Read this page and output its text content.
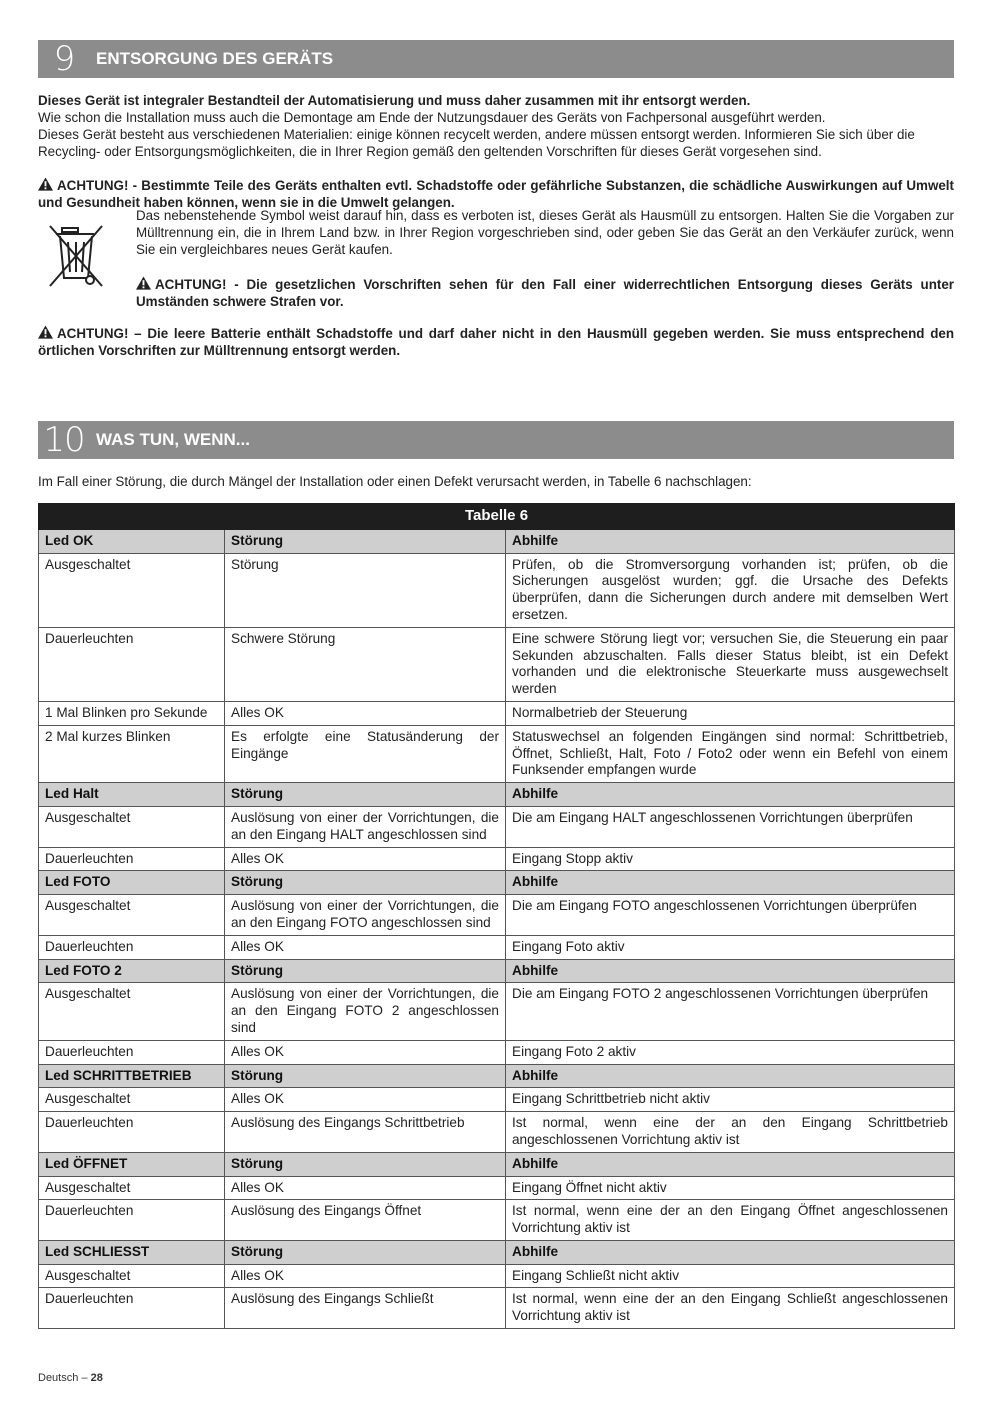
9	ENTSORGUNG DES GERÄTS
Dieses Gerät ist integraler Bestandteil der Automatisierung und muss daher zusammen mit ihr entsorgt werden.
Wie schon die Installation muss auch die Demontage am Ende der Nutzungsdauer des Geräts von Fachpersonal ausgeführt werden.
Dieses Gerät besteht aus verschiedenen Materialien: einige können recycelt werden, andere müssen entsorgt werden. Informieren Sie sich über die Recycling- oder Entsorgungsmöglichkeiten, die in Ihrer Region gemäß den geltenden Vorschriften für dieses Gerät vorgesehen sind.
ACHTUNG! - Bestimmte Teile des Geräts enthalten evtl. Schadstoffe oder gefährliche Substanzen, die schädliche Auswirkungen auf Umwelt und Gesundheit haben können, wenn sie in die Umwelt gelangen.
Das nebenstehende Symbol weist darauf hin, dass es verboten ist, dieses Gerät als Hausmüll zu entsorgen. Halten Sie die Vorgaben zur Mülltrennung ein, die in Ihrem Land bzw. in Ihrer Region vorgeschrieben sind, oder geben Sie das Gerät an den Verkäufer zurück, wenn Sie ein vergleichbares neues Gerät kaufen.
ACHTUNG! - Die gesetzlichen Vorschriften sehen für den Fall einer widerrechtlichen Entsorgung dieses Geräts unter Umständen schwere Strafen vor.
ACHTUNG! – Die leere Batterie enthält Schadstoffe und darf daher nicht in den Hausmüll gegeben werden. Sie muss entsprechend den örtlichen Vorschriften zur Mülltrennung entsorgt werden.
10 WAS TUN, WENN...
Im Fall einer Störung, die durch Mängel der Installation oder einen Defekt verursacht werden, in Tabelle 6 nachschlagen:
Tabelle 6		
Led OK	Störung	Abhilfe
Ausgeschaltet	Störung	Prüfen, ob die Stromversorgung vorhanden ist; prüfen, ob die Sicherungen ausgelöst wurden; ggf. die Ursache des Defekts überprüfen, dann die Sicherungen durch andere mit demselben Wert ersetzen.
Dauerleuchten	Schwere Störung	Eine schwere Störung liegt vor; versuchen Sie, die Steuerung ein paar Sekunden abzuschalten. Falls dieser Status bleibt, ist ein Defekt vorhanden und die elektronische Steuerkarte muss ausgewechselt werden
1 Mal Blinken pro Sekunde	Alles OK	Normalbetrieb der Steuerung
2 Mal kurzes Blinken	Es erfolgte eine Statusänderung der Eingänge	Statuswechsel an folgenden Eingängen sind normal: Schrittbetrieb, Öffnet, Schließt, Halt, Foto / Foto2 oder wenn ein Befehl von einem Funksender empfangen wurde
Led Halt	Störung	Abhilfe
Ausgeschaltet	Auslösung von einer der Vorrichtungen, die an den Eingang HALT angeschlossen sind	Die am Eingang HALT angeschlossenen Vorrichtungen überprüfen
Dauerleuchten	Alles OK	Eingang Stopp aktiv
Led FOTO	Störung	Abhilfe
Ausgeschaltet	Auslösung von einer der Vorrichtungen, die an den Eingang FOTO angeschlossen sind	Die am Eingang FOTO angeschlossenen Vorrichtungen überprüfen
Dauerleuchten	Alles OK	Eingang Foto aktiv
Led FOTO 2	Störung	Abhilfe
Ausgeschaltet	Auslösung von einer der Vorrichtungen, die an den Eingang FOTO 2 angeschlossen sind	Die am Eingang FOTO 2 angeschlossenen Vorrichtungen überprüfen
Dauerleuchten	Alles OK	Eingang Foto 2 aktiv
Led SCHRITTBETRIEB	Störung	Abhilfe
Ausgeschaltet	Alles OK	Eingang Schrittbetrieb nicht aktiv
Dauerleuchten	Auslösung des Eingangs Schrittbetrieb	Ist normal, wenn eine der an den Eingang Schrittbetrieb angeschlossenen Vorrichtung aktiv ist
Led ÖFFNET	Störung	Abhilfe
Ausgeschaltet	Alles OK	Eingang Öffnet nicht aktiv
Dauerleuchten	Auslösung des Eingangs Öffnet	Ist normal, wenn eine der an den Eingang Öffnet angeschlossenen Vorrichtung aktiv ist
Led SCHLIESST	Störung	Abhilfe
Ausgeschaltet	Alles OK	Eingang Schließt nicht aktiv
Dauerleuchten	Auslösung des Eingangs Schließt	Ist normal, wenn eine der an den Eingang Schließt angeschlossenen Vorrichtung aktiv ist
Deutsch – 28
